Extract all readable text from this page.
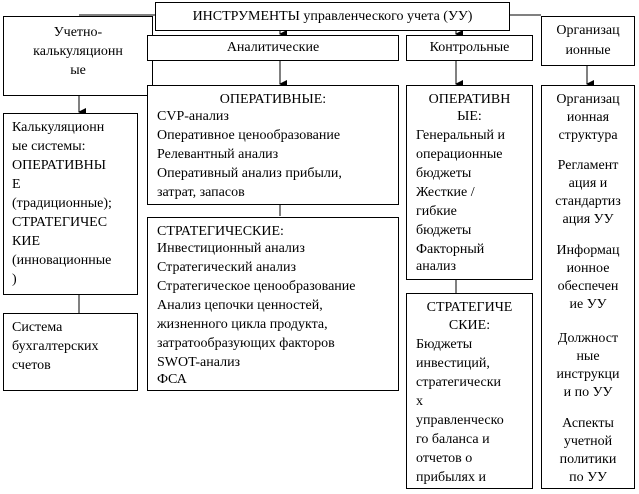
ИНСТРУМЕНТЫ управленческого учета (УУ)
Учетно-
калькуляционн
ые
Аналитические	Контрольные
Организац
ионные
Калькуляционн
ые системы:
ОПЕРАТИВНЫ
Е
(традиционные);
СТРАТЕГИЧЕС
КИЕ
(инновационные
)
Система
бухгалтерских
счетов
ОПЕРАТИВНЫЕ:
CVP-анализ
Оперативное ценообразование
Релевантный анализ
Оперативный анализ прибыли,
затрат, запасов
СТРАТЕГИЧЕСКИЕ:
Инвестиционный анализ
Стратегический анализ
Стратегическое ценообразование
Анализ цепочки ценностей,
жизненного цикла продукта,
затратообразующих факторов
SWOT-анализ
ФСА
ОПЕРАТИВН
ЫЕ:
Генеральный и
операционные
бюджеты
Жесткие /
гибкие
бюджеты
Факторный
анализ
СТРАТЕГИЧЕ
СКИЕ:
Бюджеты
инвестиций,
стратегически
х
управленческо
го баланса и
отчетов о
прибылях и
Организац
ионная
структура
Регламент
ация и
стандартиз
ация УУ
Информац
ионное
обеспечен
ие УУ
Должност
ные
инструкци
и по УУ
Аспекты
учетной
политики
по УУ
